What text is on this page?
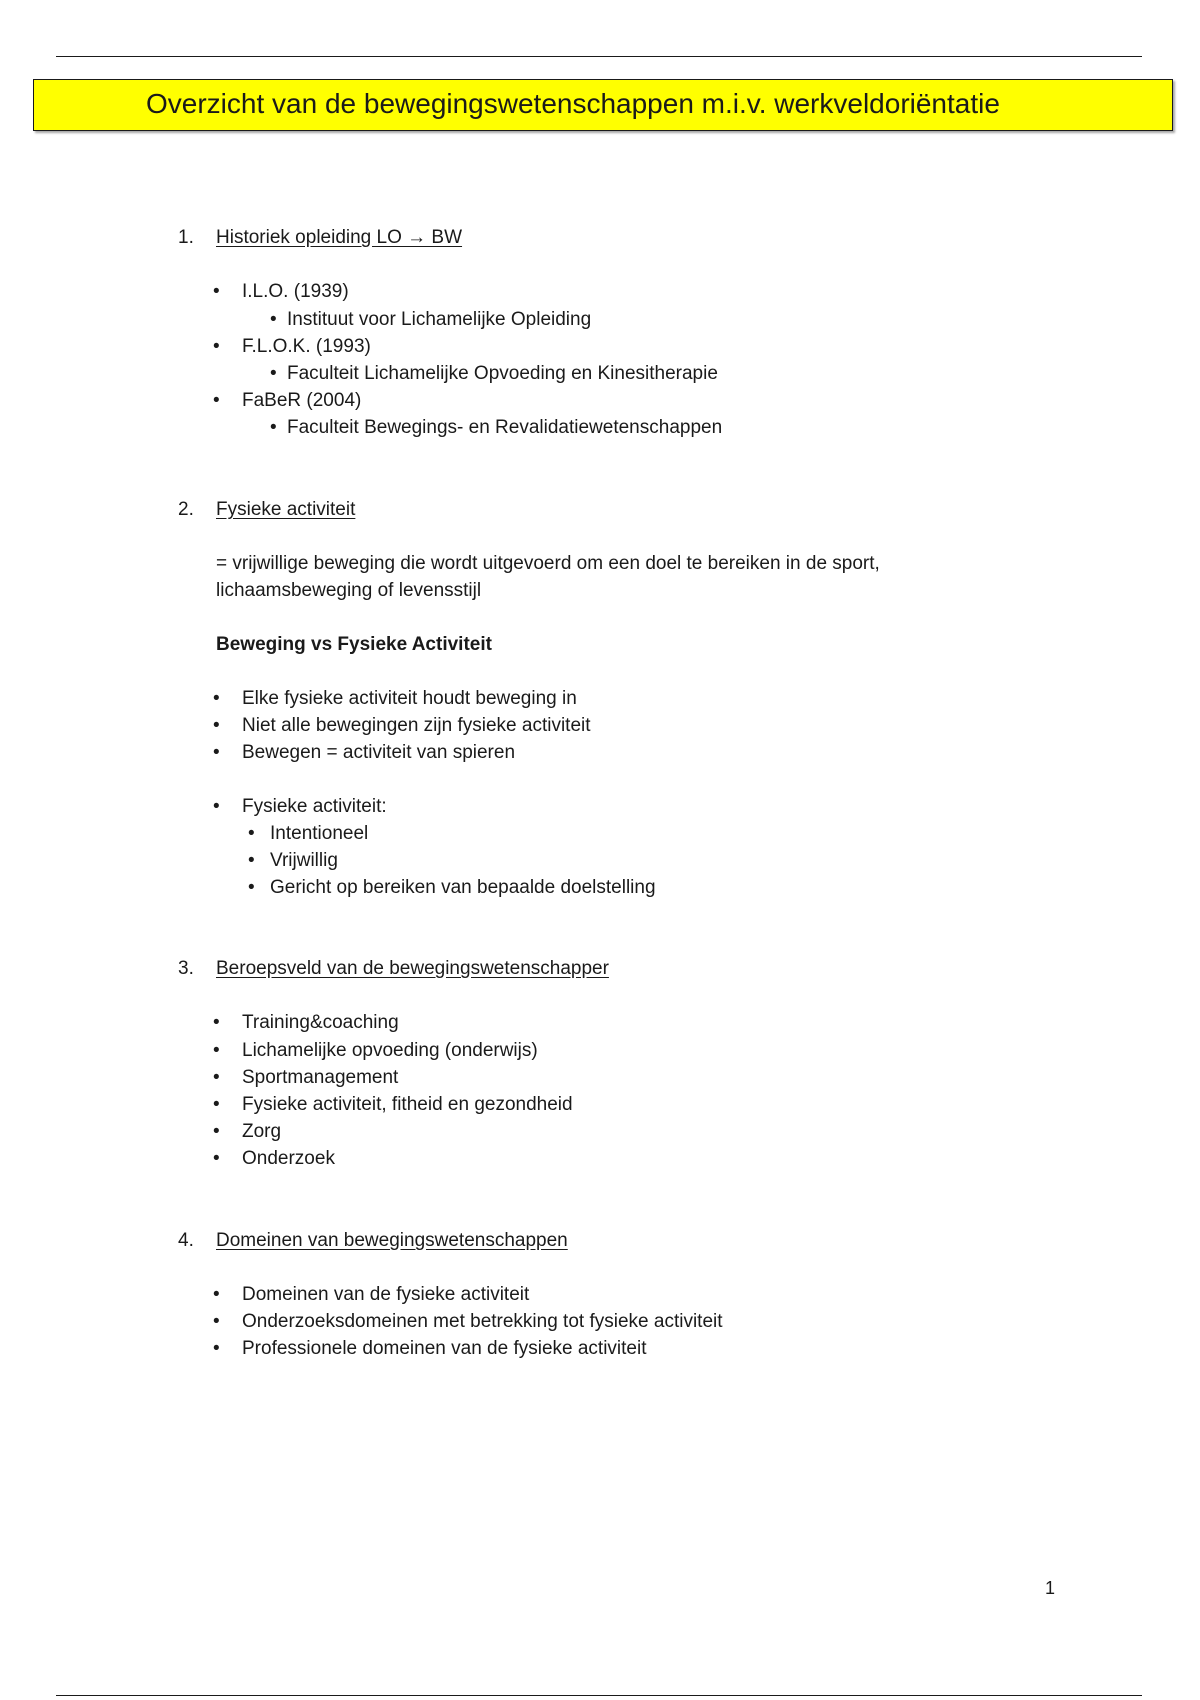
Overzicht van de bewegingswetenschappen m.i.v. werkveldoriëntatie
1. Historiek opleiding LO → BW
• I.L.O. (1939)
• Instituut voor Lichamelijke Opleiding
• F.L.O.K. (1993)
• Faculteit Lichamelijke Opvoeding en Kinesitherapie
• FaBeR (2004)
• Faculteit Bewegings- en Revalidatiewetenschappen
2. Fysieke activiteit
= vrijwillige beweging die wordt uitgevoerd om een doel te bereiken in de sport,
lichaamsbeweging of levensstijl
Beweging vs Fysieke Activiteit
• Elke fysieke activiteit houdt beweging in
• Niet alle bewegingen zijn fysieke activiteit
• Bewegen = activiteit van spieren
• Fysieke activiteit:
• Intentioneel
• Vrijwillig
• Gericht op bereiken van bepaalde doelstelling
3. Beroepsveld van de bewegingswetenschapper
• Training&coaching
• Lichamelijke opvoeding (onderwijs)
• Sportmanagement
• Fysieke activiteit, fitheid en gezondheid
• Zorg
• Onderzoek
4. Domeinen van bewegingswetenschappen
• Domeinen van de fysieke activiteit
• Onderzoeksdomeinen met betrekking tot fysieke activiteit
• Professionele domeinen van de fysieke activiteit
1
